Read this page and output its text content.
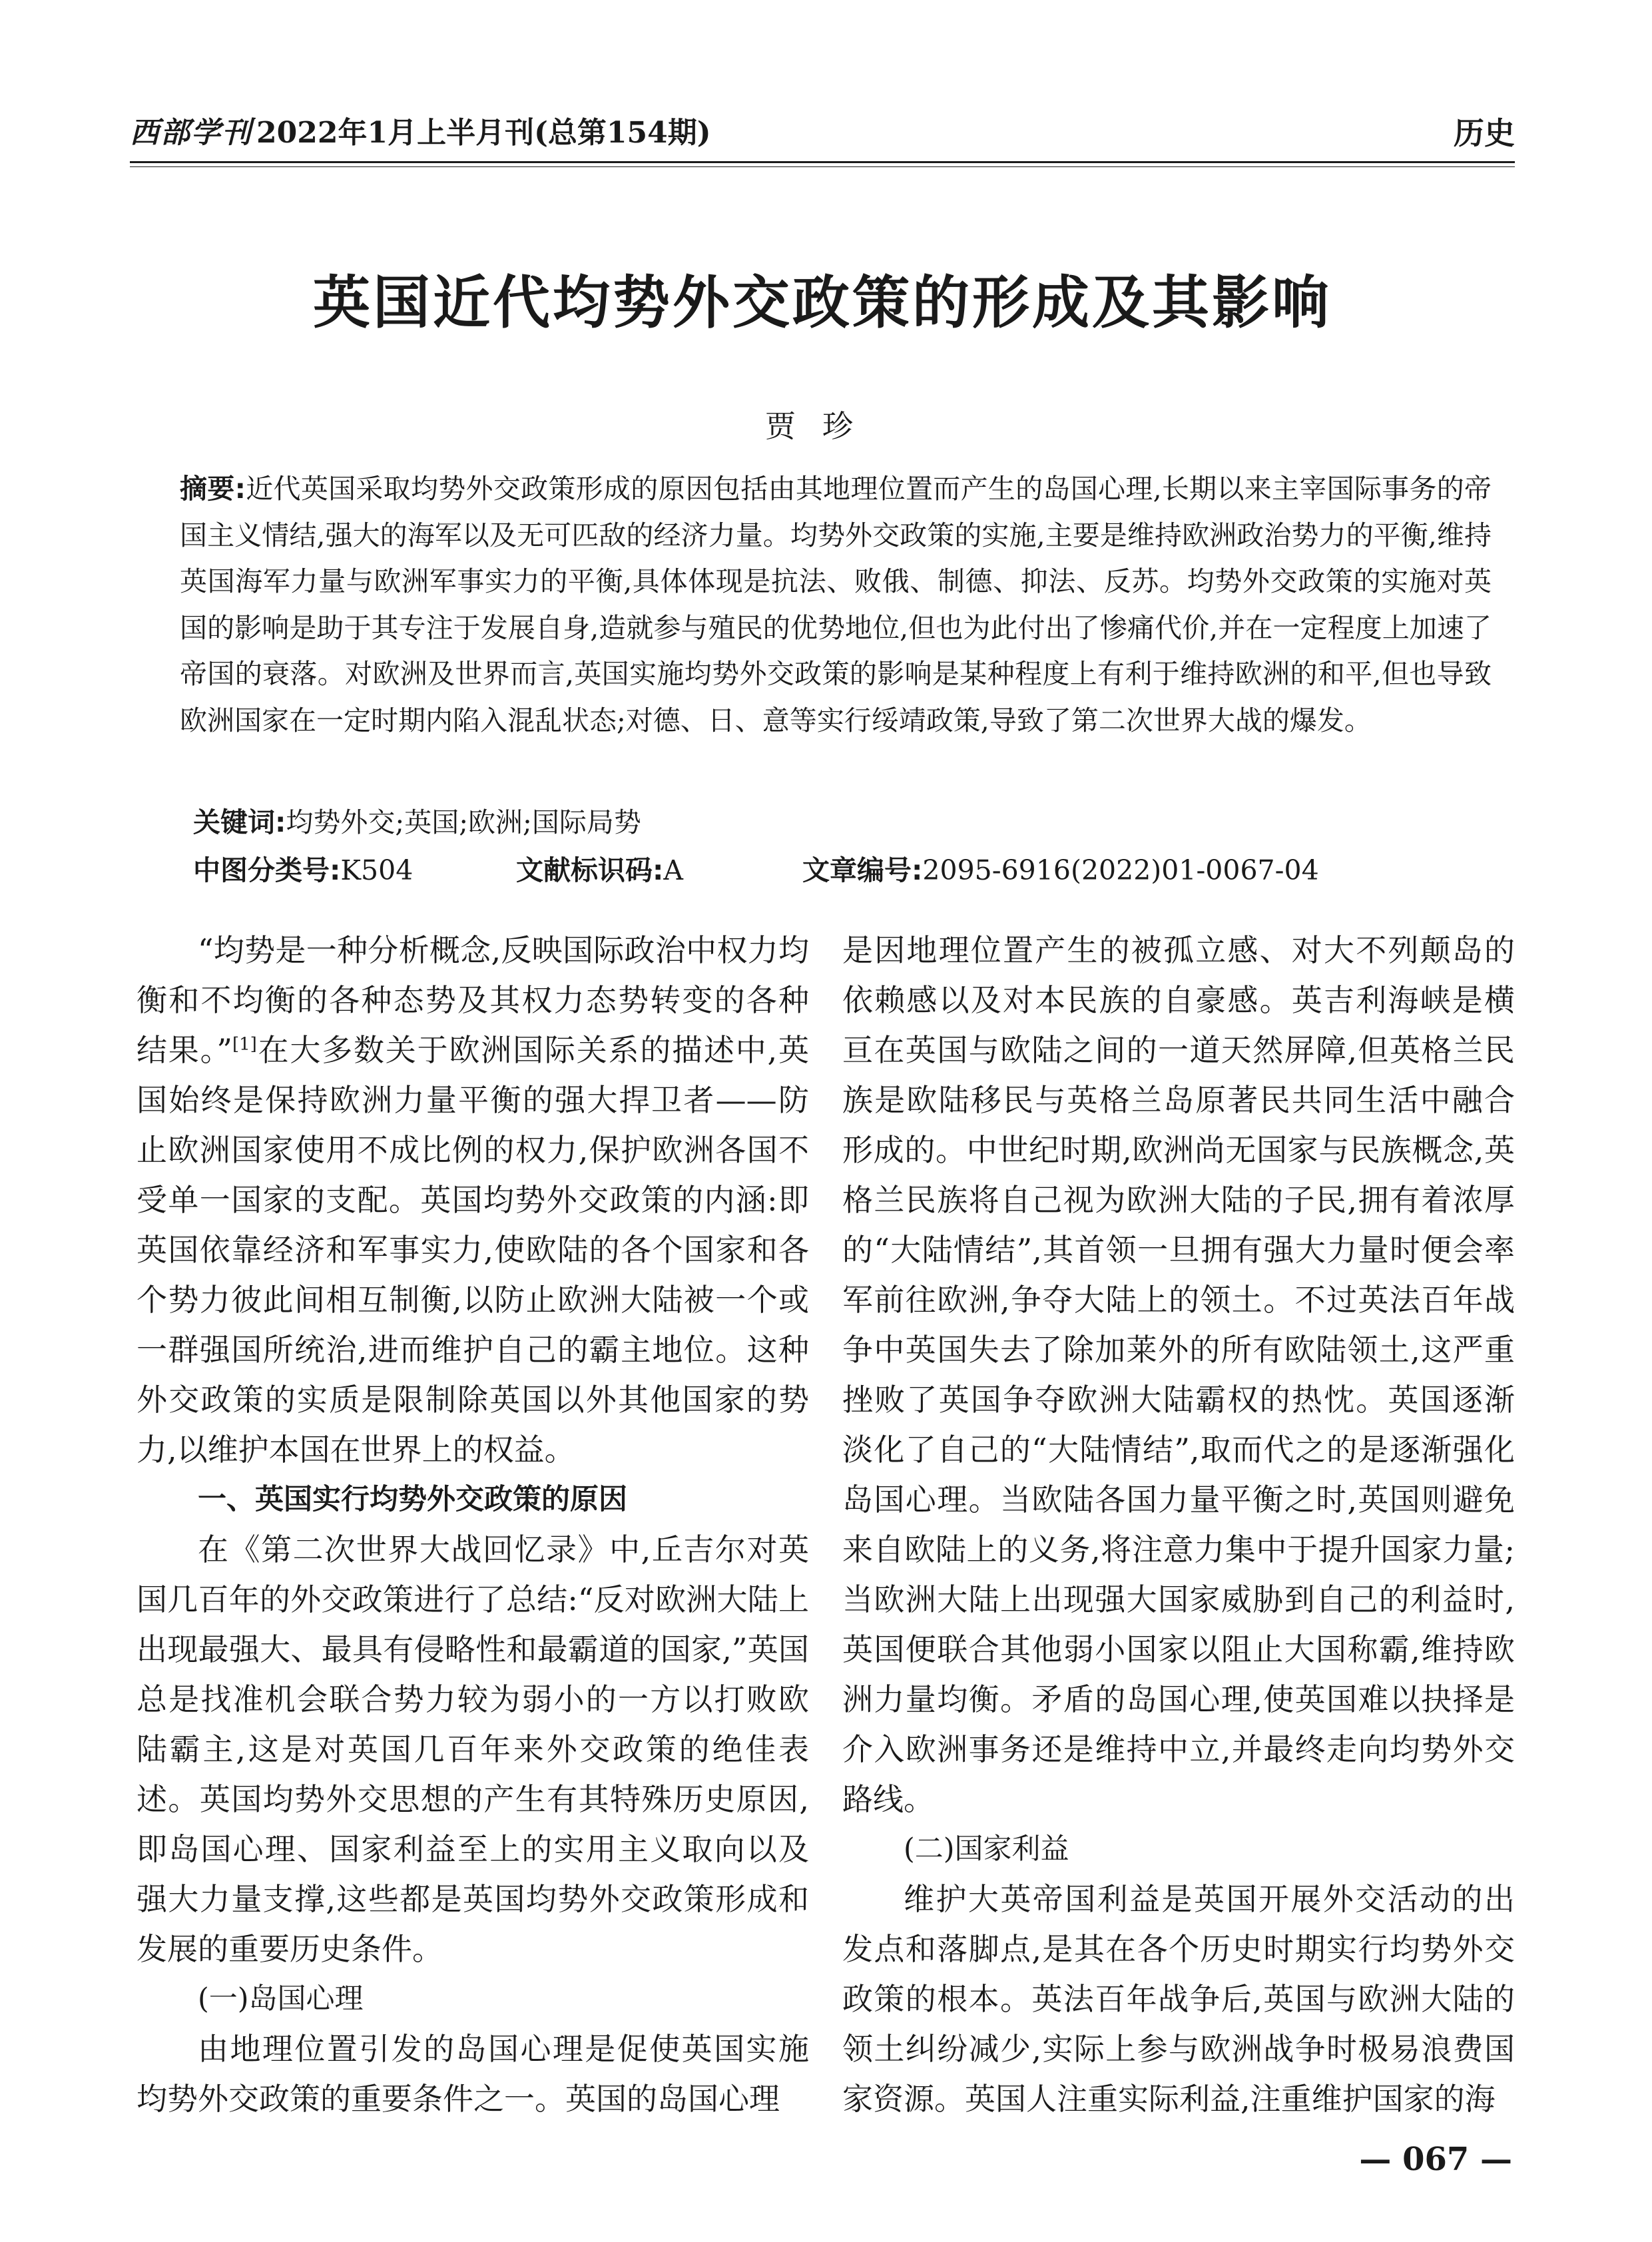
西部学刊 2022年1月上半月刊(总第154期)	历史
英国近代均势外交政策的形成及其影响
贾珍
摘要:近代英国采取均势外交政策形成的原因包括由其地理位置而产生的岛国心理,长期以来主宰国际事务的帝国主义情结,强大的海军以及无可匹敌的经济力量。均势外交政策的实施,主要是维持欧洲政治势力的平衡,维持英国海军力量与欧洲军事实力的平衡,具体体现是抗法、败俄、制德、抑法、反苏。均势外交政策的实施对英国的影响是助于其专注于发展自身,造就参与殖民的优势地位,但也为此付出了惨痛代价,并在一定程度上加速了帝国的衰落。对欧洲及世界而言,英国实施均势外交政策的影响是某种程度上有利于维持欧洲的和平,但也导致欧洲国家在一定时期内陷入混乱状态;对德、日、意等实行绥靖政策,导致了第二次世界大战的爆发。
关键词:均势外交;英国;欧洲;国际局势
中图分类号:K504	文献标识码:A	文章编号:2095-6916(2022)01-0067-04

“均势是一种分析概念,反映国际政治中权力均衡和不均衡的各种态势及其权力态势转变的各种结果。”[1]在大多数关于欧洲国际关系的描述中,英国始终是保持欧洲力量平衡的强大捍卫者——防止欧洲国家使用不成比例的权力,保护欧洲各国不受单一国家的支配。英国均势外交政策的内涵:即英国依靠经济和军事实力,使欧陆的各个国家和各个势力彼此间相互制衡,以防止欧洲大陆被一个或一群强国所统治,进而维护自己的霸主地位。这种外交政策的实质是限制除英国以外其他国家的势力,以维护本国在世界上的权益。

一、英国实行均势外交政策的原因

在《第二次世界大战回忆录》中,丘吉尔对英国几百年的外交政策进行了总结:“反对欧洲大陆上出现最强大、最具有侵略性和最霸道的国家,”英国总是找准机会联合势力较为弱小的一方以打败欧陆霸主,这是对英国几百年来外交政策的绝佳表述。英国均势外交思想的产生有其特殊历史原因,即岛国心理、国家利益至上的实用主义取向以及强大力量支撑,这些都是英国均势外交政策形成和发展的重要历史条件。

(一)岛国心理

由地理位置引发的岛国心理是促使英国实施均势外交政策的重要条件之一。英国的岛国心理

是因地理位置产生的被孤立感、对大不列颠岛的依赖感以及对本民族的自豪感。英吉利海峡是横亘在英国与欧陆之间的一道天然屏障,但英格兰民族是欧陆移民与英格兰岛原著民共同生活中融合形成的。中世纪时期,欧洲尚无国家与民族概念,英格兰民族将自己视为欧洲大陆的子民,拥有着浓厚的“大陆情结”,其首领一旦拥有强大力量时便会率军前往欧洲,争夺大陆上的领土。不过英法百年战争中英国失去了除加莱外的所有欧陆领土,这严重挫败了英国争夺欧洲大陆霸权的热忱。英国逐渐淡化了自己的“大陆情结”,取而代之的是逐渐强化岛国心理。当欧陆各国力量平衡之时,英国则避免来自欧陆上的义务,将注意力集中于提升国家力量;当欧洲大陆上出现强大国家威胁到自己的利益时,英国便联合其他弱小国家以阻止大国称霸,维持欧洲力量均衡。矛盾的岛国心理,使英国难以抉择是介入欧洲事务还是维持中立,并最终走向均势外交路线。

(二)国家利益

维护大英帝国利益是英国开展外交活动的出发点和落脚点,是其在各个历史时期实行均势外交政策的根本。英法百年战争后,英国与欧洲大陆的领土纠纷减少,实际上参与欧洲战争时极易浪费国家资源。英国人注重实际利益,注重维护国家的海

— 067 —
